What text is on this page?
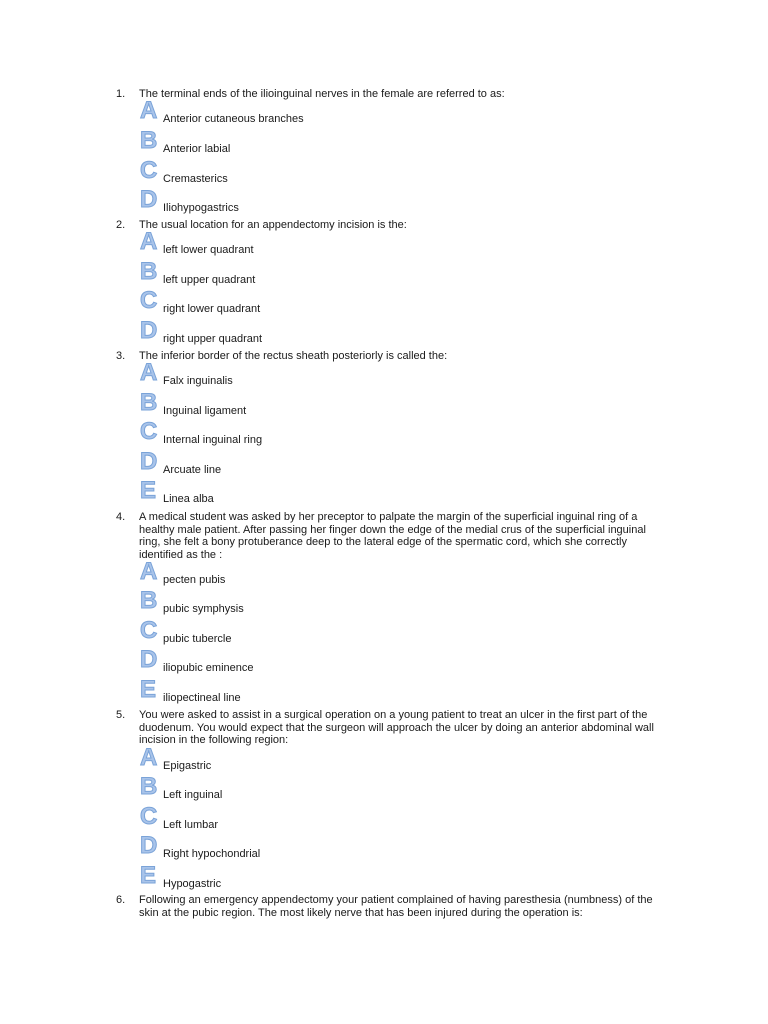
1. The terminal ends of the ilioinguinal nerves in the female are referred to as:
A Anterior cutaneous branches
B Anterior labial
C Cremasterics
D Iliohypogastrics
2. The usual location for an appendectomy incision is the:
A left lower quadrant
B left upper quadrant
C right lower quadrant
D right upper quadrant
3. The inferior border of the rectus sheath posteriorly is called the:
A Falx inguinalis
B Inguinal ligament
C Internal inguinal ring
D Arcuate line
E Linea alba
4. A medical student was asked by her preceptor to palpate the margin of the superficial inguinal ring of a healthy male patient. After passing her finger down the edge of the medial crus of the superficial inguinal ring, she felt a bony protuberance deep to the lateral edge of the spermatic cord, which she correctly identified as the :
A pecten pubis
B pubic symphysis
C pubic tubercle
D iliopubic eminence
E iliopectineal line
5. You were asked to assist in a surgical operation on a young patient to treat an ulcer in the first part of the duodenum. You would expect that the surgeon will approach the ulcer by doing an anterior abdominal wall incision in the following region:
A Epigastric
B Left inguinal
C Left lumbar
D Right hypochondrial
E Hypogastric
6. Following an emergency appendectomy your patient complained of having paresthesia (numbness) of the skin at the pubic region. The most likely nerve that has been injured during the operation is:
